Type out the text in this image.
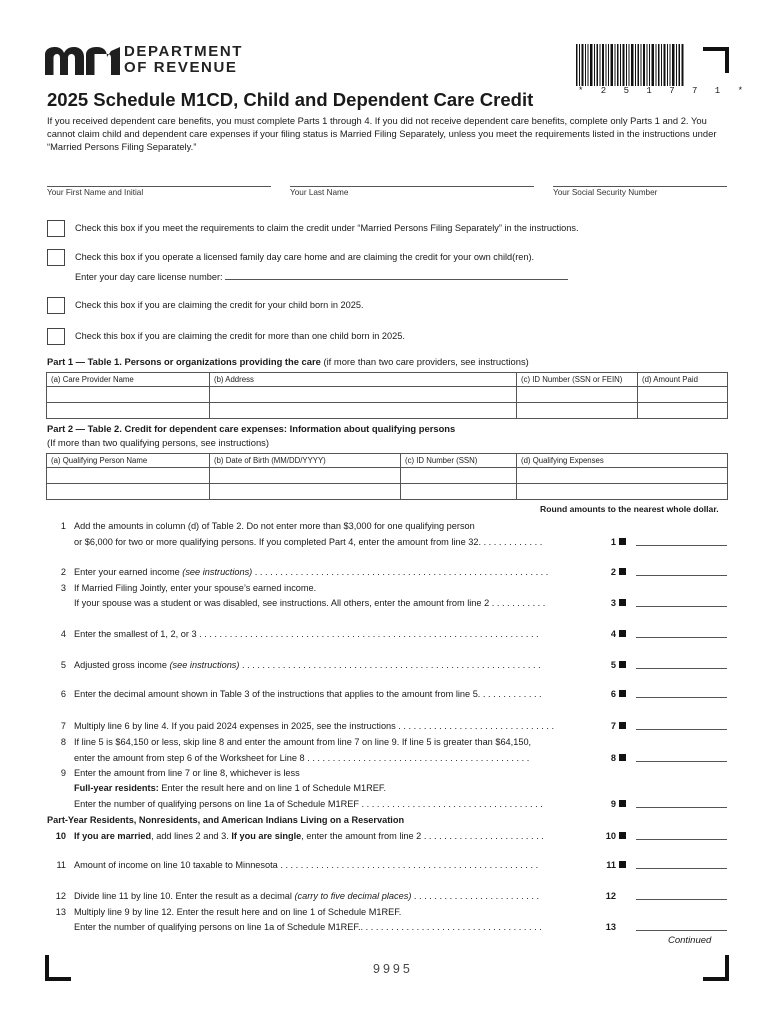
DEPARTMENT
OF REVENUE
* 2 5 1 7 7 1 *
2025 Schedule M1CD, Child and Dependent Care Credit
If you received dependent care benefits, you must complete Parts 1 through 4. If you did not receive dependent care benefits, complete only Parts 1 and 2. You cannot claim child and dependent care expenses if your filing status is Married Filing Separately, unless you meet the requirements listed in the instructions under “Married Persons Filing Separately.”
Your First Name and Initial	Your Last Name	Your Social Security Number
Check this box if you meet the requirements to claim the credit under “Married Persons Filing Separately” in the instructions.
Check this box if you operate a licensed family day care home and are claiming the credit for your own child(ren).
Enter your day care license number:
Check this box if you are claiming the credit for your child born in 2025.
Check this box if you are claiming the credit for more than one child born in 2025.
Part 1 — Table 1. Persons or organizations providing the care (if more than two care providers, see instructions)
(a) Care Provider Name	(b) Address	(c) ID Number (SSN or FEIN)	(d) Amount Paid

Part 2 — Table 2. Credit for dependent care expenses: Information about qualifying persons
(If more than two qualifying persons, see instructions)
(a) Qualifying Person Name	(b) Date of Birth (MM/DD/YYYY)	(c) ID Number (SSN)	(d) Qualifying Expenses

Round amounts to the nearest whole dollar.
1 Add the amounts in column (d) of Table 2. Do not enter more than $3,000 for one qualifying person
or $6,000 for two or more qualifying persons. If you completed Part 4, enter the amount from line 32. . . . . . . . . . . . .	1
2 Enter your earned income (see instructions) . . . . . . . . . . . . . . . . . . . . . . . . . . . . . . . . . . . . . . . . . . . . . . . . . . . . . . . . . .	2
3 If Married Filing Jointly, enter your spouse’s earned income.
If your spouse was a student or was disabled, see instructions. All others, enter the amount from line 2 . . . . . . . . . . .	3
4 Enter the smallest of 1, 2, or 3 . . . . . . . . . . . . . . . . . . . . . . . . . . . . . . . . . . . . . . . . . . . . . . . . . . . . . . . . . . . . . . . . . . .	4
5 Adjusted gross income (see instructions) . . . . . . . . . . . . . . . . . . . . . . . . . . . . . . . . . . . . . . . . . . . . . . . . . . . . . . . . . . .	5
6 Enter the decimal amount shown in Table 3 of the instructions that applies to the amount from line 5. . . . . . . . . . . . .	6
7 Multiply line 6 by line 4. If you paid 2024 expenses in 2025, see the instructions . . . . . . . . . . . . . . . . . . . . . . . . . . . . . . .	7
8 If line 5 is $64,150 or less, skip line 8 and enter the amount from line 7 on line 9. If line 5 is greater than $64,150,
enter the amount from step 6 of the Worksheet for Line 8 . . . . . . . . . . . . . . . . . . . . . . . . . . . . . . . . . . . . . . . . . . . .	8
9 Enter the amount from line 7 or line 8, whichever is less
Full-year residents: Enter the result here and on line 1 of Schedule M1REF.
Enter the number of qualifying persons on line 1a of Schedule M1REF . . . . . . . . . . . . . . . . . . . . . . . . . . . . . . . . . . . .	9
Part-Year Residents, Nonresidents, and American Indians Living on a Reservation
10 If you are married, add lines 2 and 3. If you are single, enter the amount from line 2 . . . . . . . . . . . . . . . . . . . . . . . .	10
11 Amount of income on line 10 taxable to Minnesota . . . . . . . . . . . . . . . . . . . . . . . . . . . . . . . . . . . . . . . . . . . . . . . . . . .	11
12 Divide line 11 by line 10. Enter the result as a decimal (carry to five decimal places) . . . . . . . . . . . . . . . . . . . . . . . . .	12
13 Multiply line 9 by line 12. Enter the result here and on line 1 of Schedule M1REF.
Enter the number of qualifying persons on line 1a of Schedule M1REF.. . . . . . . . . . . . . . . . . . . . . . . . . . . . . . . . . . . .	13
Continued
9995
